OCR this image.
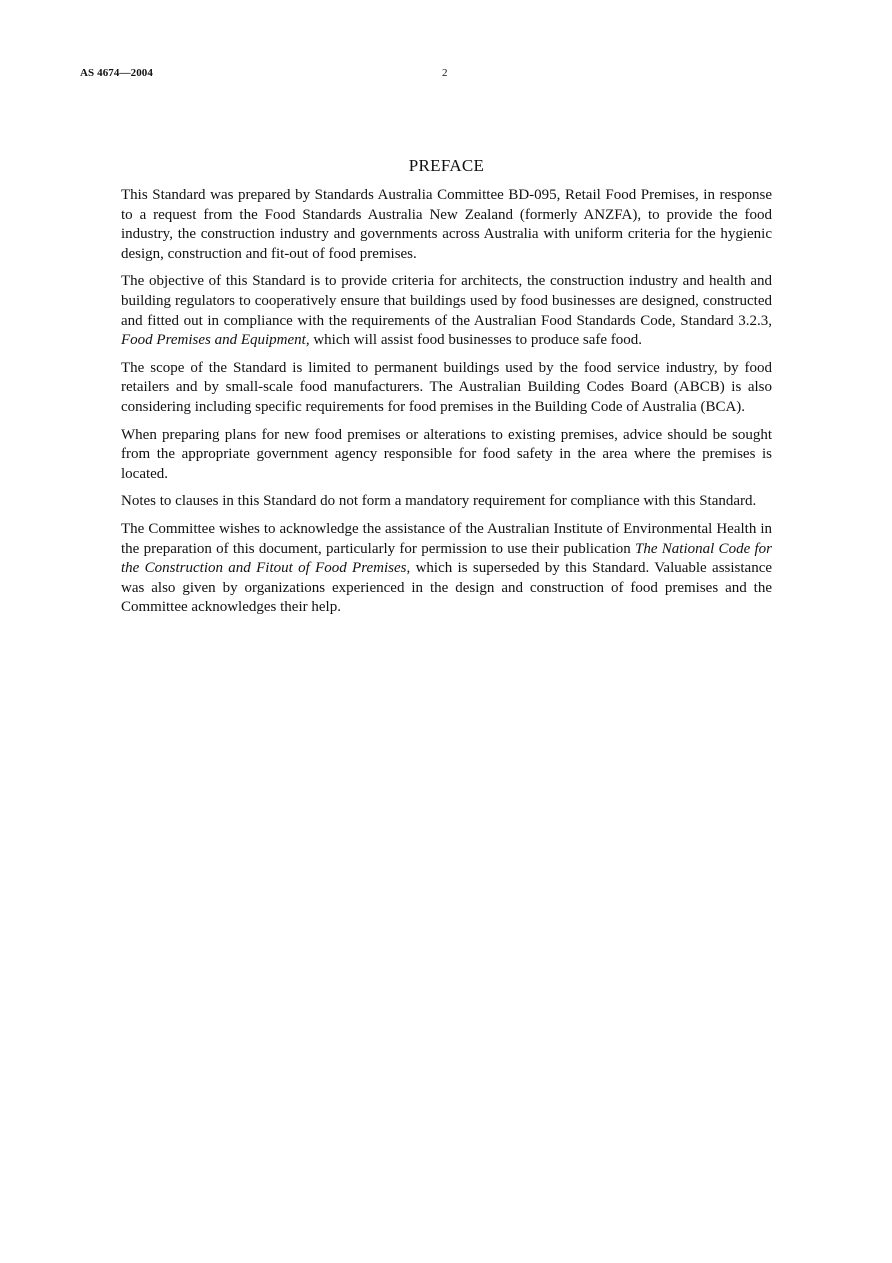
AS 4674—2004	2
PREFACE

This Standard was prepared by Standards Australia Committee BD-095, Retail Food Premises, in response to a request from the Food Standards Australia New Zealand (formerly ANZFA), to provide the food industry, the construction industry and governments across Australia with uniform criteria for the hygienic design, construction and fit-out of food premises.

The objective of this Standard is to provide criteria for architects, the construction industry and health and building regulators to cooperatively ensure that buildings used by food businesses are designed, constructed and fitted out in compliance with the requirements of the Australian Food Standards Code, Standard 3.2.3, Food Premises and Equipment, which will assist food businesses to produce safe food.

The scope of the Standard is limited to permanent buildings used by the food service industry, by food retailers and by small-scale food manufacturers. The Australian Building Codes Board (ABCB) is also considering including specific requirements for food premises in the Building Code of Australia (BCA).

When preparing plans for new food premises or alterations to existing premises, advice should be sought from the appropriate government agency responsible for food safety in the area where the premises is located.

Notes to clauses in this Standard do not form a mandatory requirement for compliance with this Standard.

The Committee wishes to acknowledge the assistance of the Australian Institute of Environmental Health in the preparation of this document, particularly for permission to use their publication The National Code for the Construction and Fitout of Food Premises, which is superseded by this Standard. Valuable assistance was also given by organizations experienced in the design and construction of food premises and the Committee acknowledges their help.
